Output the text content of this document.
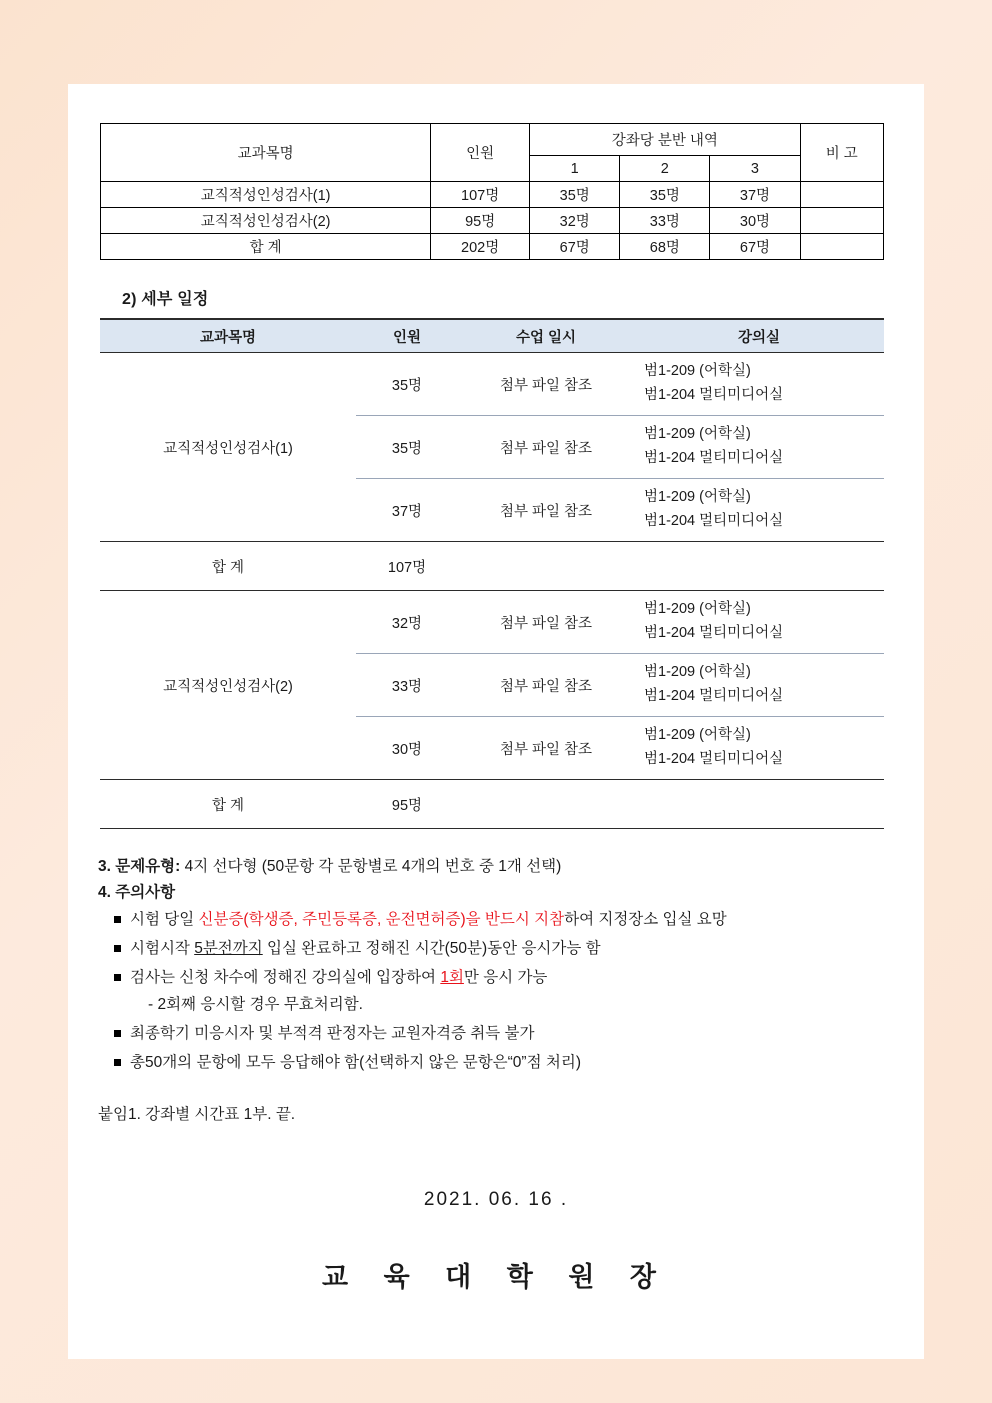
교과목명	인원	강좌당 분반 내역			비 고
		1	2	3	
교직적성인성검사(1)	107명	35명	35명	37명	
교직적성인성검사(2)	95명	32명	33명	30명	
합 계	202명	67명	68명	67명	
2) 세부 일정
교과목명	인원	수업 일시	강의실
교직적성인성검사(1)	35명	첨부 파일 참조	범1-209 (어학실)
범1-204 멀티미디어실

	35명	첨부 파일 참조	범1-209 (어학실)
범1-204 멀티미디어실

	37명	첨부 파일 참조	범1-209 (어학실)
범1-204 멀티미디어실

합 계	107명		
교직적성인성검사(2)	32명	첨부 파일 참조	범1-209 (어학실)
범1-204 멀티미디어실

	33명	첨부 파일 참조	범1-209 (어학실)
범1-204 멀티미디어실

	30명	첨부 파일 참조	범1-209 (어학실)
범1-204 멀티미디어실

합 계	95명		
3. 문제유형: 4지 선다형 (50문항 각 문항별로 4개의 번호 중 1개 선택)
4. 주의사항
시험 당일 신분증(학생증, 주민등록증, 운전면허증)을 반드시 지참하여 지정장소 입실 요망
시험시작 5분전까지 입실 완료하고 정해진 시간(50분)동안 응시가능 함
검사는 신청 차수에 정해진 강의실에 입장하여 1회만 응시 가능
- 2회째 응시할 경우 무효처리함.
최종학기 미응시자 및 부적격 판정자는 교원자격증 취득 불가
총50개의 문항에 모두 응답해야 함(선택하지 않은 문항은“0”점 처리)
붙임1. 강좌별 시간표 1부. 끝.
2021. 06. 16 .
교 육 대 학 원 장
